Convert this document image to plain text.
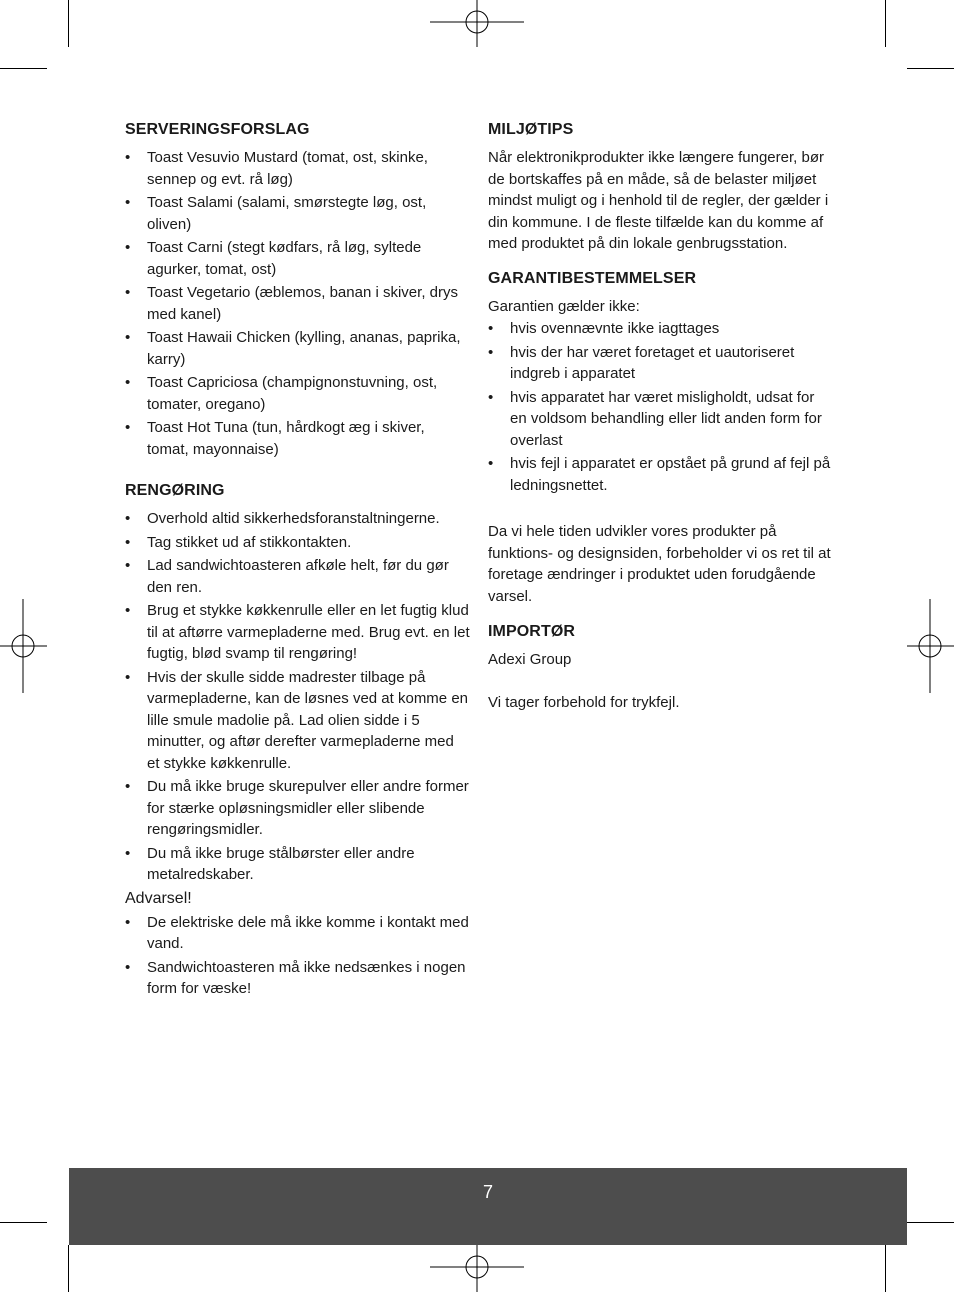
SERVERINGSFORSLAG
• Toast Vesuvio Mustard (tomat, ost, skinke, sennep og evt. rå løg)
• Toast Salami (salami, smørstegte løg, ost, oliven)
• Toast Carni (stegt kødfars, rå løg, syltede agurker, tomat, ost)
• Toast Vegetario (æblemos, banan i skiver, drys med kanel)
• Toast Hawaii Chicken (kylling, ananas, paprika, karry)
• Toast Capriciosa (champignonstuvning, ost, tomater, oregano)
• Toast Hot Tuna (tun, hårdkogt æg i skiver, tomat, mayonnaise)
RENGØRING
• Overhold altid sikkerhedsforanstaltningerne.
• Tag stikket ud af stikkontakten.
• Lad sandwichtoasteren afkøle helt, før du gør den ren.
• Brug et stykke køkkenrulle eller en let fugtig klud til at aftørre varmepladerne med. Brug evt. en let fugtig, blød svamp til rengøring!
• Hvis der skulle sidde madrester tilbage på varmepladerne, kan de løsnes ved at komme en lille smule madolie på. Lad olien sidde i 5 minutter, og aftør derefter varmepladerne med et stykke køkkenrulle.
• Du må ikke bruge skurepulver eller andre former for stærke opløsningsmidler eller slibende rengøringsmidler.
• Du må ikke bruge stålbørster eller andre metalredskaber.
Advarsel!
• De elektriske dele må ikke komme i kontakt med vand.
• Sandwichtoasteren må ikke nedsænkes i nogen form for væske!
MILJØTIPS

Når elektronikprodukter ikke længere fungerer, bør de bortskaffes på en måde, så de belaster miljøet mindst muligt og i henhold til de regler, der gælder i din kommune. I de fleste tilfælde kan du komme af med produktet på din lokale genbrugsstation.

GARANTIBESTEMMELSER

Garantien gælder ikke:

• hvis ovennævnte ikke iagttages
• hvis der har været foretaget et uautoriseret indgreb i apparatet
• hvis apparatet har været misligholdt, udsat for en voldsom behandling eller lidt anden form for overlast
• hvis fejl i apparatet er opstået på grund af fejl på ledningsnettet.

Da vi hele tiden udvikler vores produkter på funktions- og designsiden, forbeholder vi os ret til at foretage ændringer i produktet uden forudgående varsel.

IMPORTØR

Adexi Group

Vi tager forbehold for trykfejl.

7
